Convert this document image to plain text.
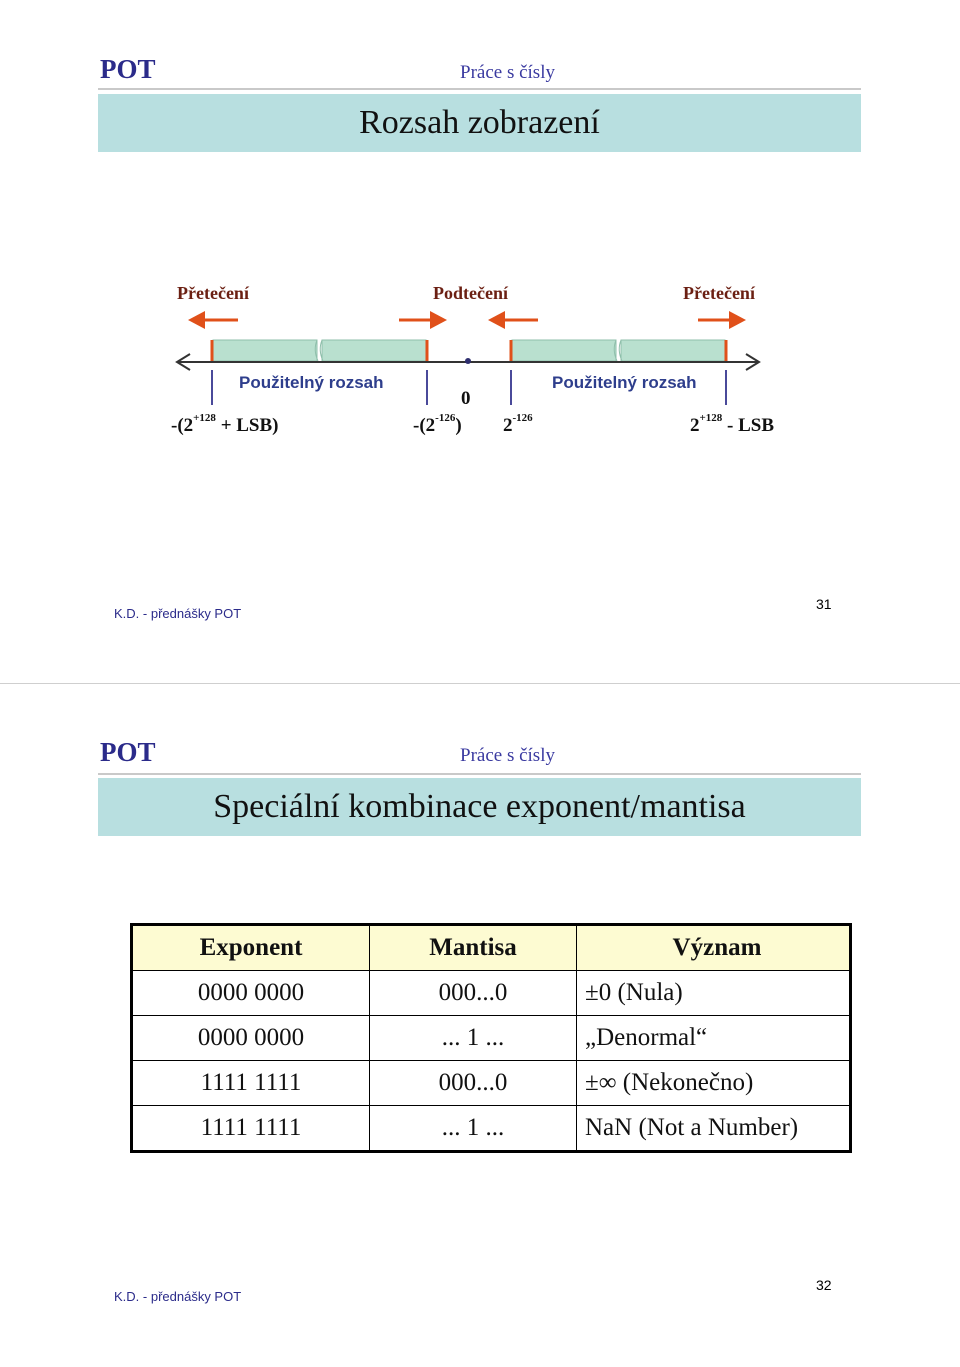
POT	Práce s čísly
Rozsah zobrazení
Přetečení	Podtečení	Přetečení
Použitelný rozsah	Použitelný rozsah
0
$-(2^{+128} + LSB)$	$-(2^{-126})$ $2^{-126}$	$2^{+128}$ - LSB
K.D. - přednášky POT
31
POT	Práce s čísly
Speciální kombinace exponent/mantisa
Exponent	Mantisa	Význam
0000 0000	000...0	±0 (Nula)
0000 0000	... 1 ...	„Denormal“
1111 1111	000...0	±∞ (Nekonečno)
1111 1111	... 1 ...	NaN (Not a Number)
K.D. - přednášky POT
32
